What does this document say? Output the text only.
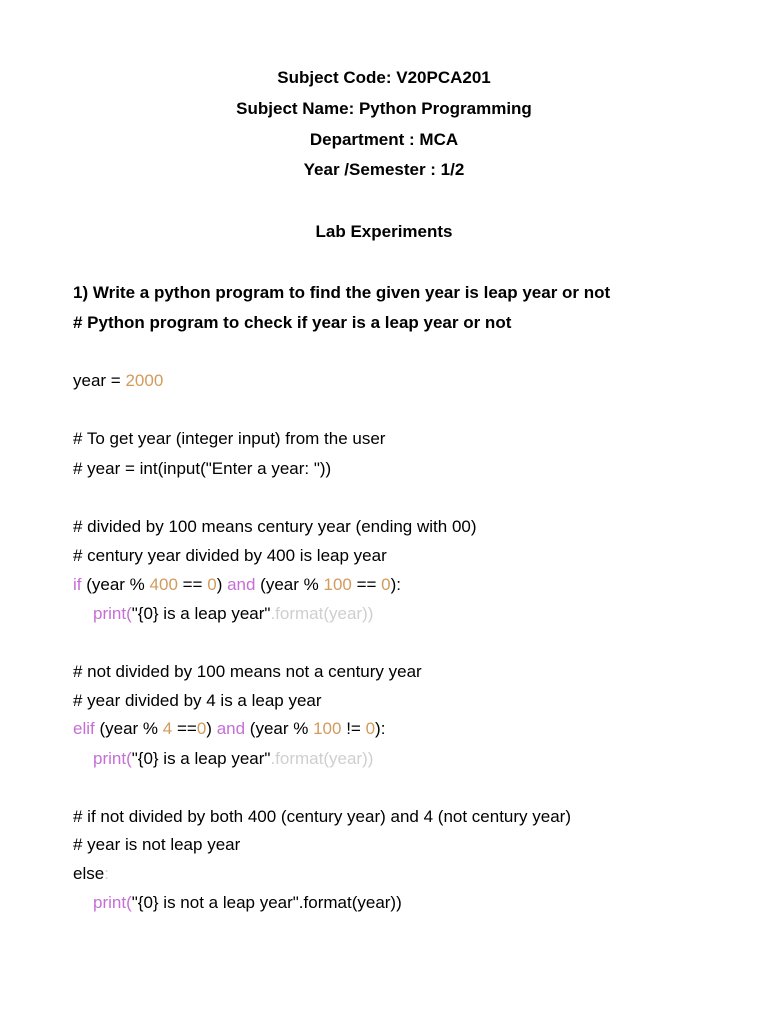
Subject Code: V20PCA201
Subject Name: Python Programming
Department : MCA
Year /Semester : 1/2
Lab Experiments
1) Write a python program to find the given year is leap year or not
# Python program to check if year is a leap year or not
year = 2000
# To get year (integer input) from the user
# year = int(input("Enter a year: "))
# divided by 100 means century year (ending with 00)
# century year divided by 400 is leap year
if (year % 400 == 0) and (year % 100 == 0):
print("{0} is a leap year".format(year))
# not divided by 100 means not a century year
# year divided by 4 is a leap year
elif (year % 4 ==0) and (year % 100 != 0):
print("{0} is a leap year".format(year))
# if not divided by both 400 (century year) and 4 (not century year)
# year is not leap year
else:
print("{0} is not a leap year".format(year))
